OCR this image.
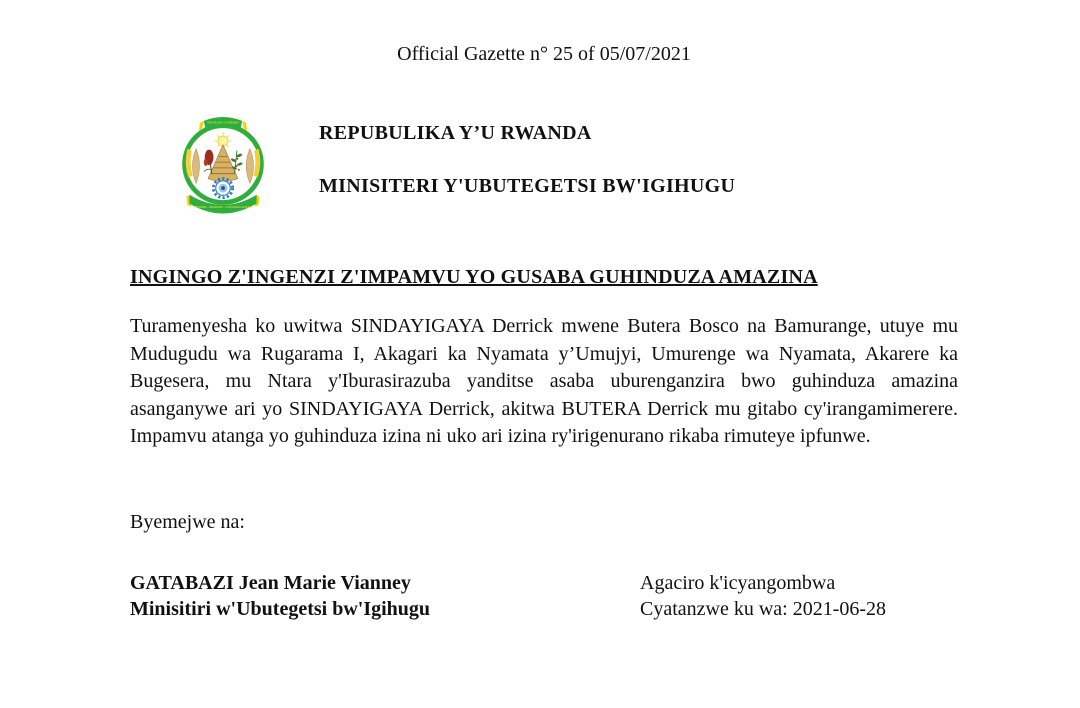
Official Gazette n° 25 of 05/07/2021
REPUBULIKA Y'U RWANDA
UBUMWE - UMURIMO - GUKUNDA IGIHUGU
REPUBULIKA Y’U RWANDA
MINISITERI Y'UBUTEGETSI BW'IGIHUGU
INGINGO Z'INGENZI Z'IMPAMVU YO GUSABA GUHINDUZA AMAZINA

Turamenyesha ko uwitwa SINDAYIGAYA Derrick mwene Butera Bosco na Bamurange, utuye mu Mudugudu wa Rugarama I, Akagari ka Nyamata y’Umujyi, Umurenge wa Nyamata, Akarere ka Bugesera, mu Ntara y'Iburasirazuba yanditse asaba uburenganzira bwo guhinduza amazina asanganywe ari yo SINDAYIGAYA Derrick, akitwa BUTERA Derrick mu gitabo cy'irangamimerere. Impamvu atanga yo guhinduza izina ni uko ari izina ry'irigenurano rikaba rimuteye ipfunwe.

Byemejwe na:
GATABAZI Jean Marie Vianney
Minisitiri w'Ubutegetsi bw'Igihugu
Agaciro k'icyangombwa
Cyatanzwe ku wa: 2021-06-28
